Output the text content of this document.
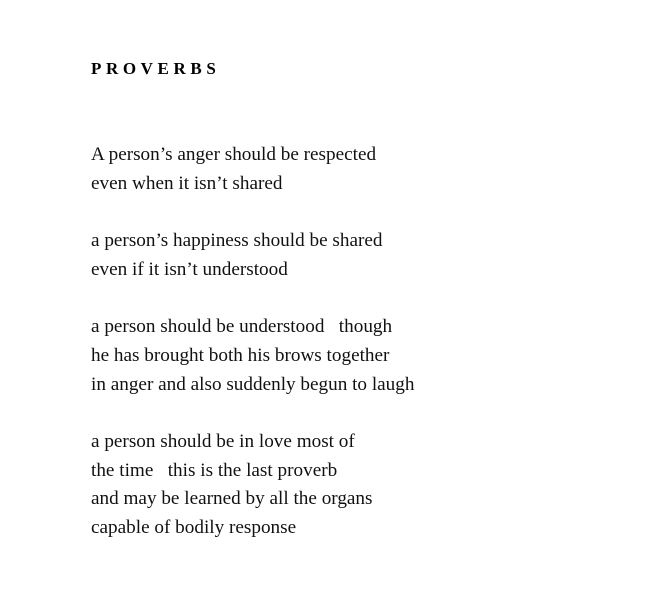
PROVERBS
A person’s anger should be respected
even when it isn’t shared
a person’s happiness should be shared
even if it isn’t understood
a person should be understood   though
he has brought both his brows together
in anger and also suddenly begun to laugh
a person should be in love most of
the time   this is the last proverb
and may be learned by all the organs
capable of bodily response
